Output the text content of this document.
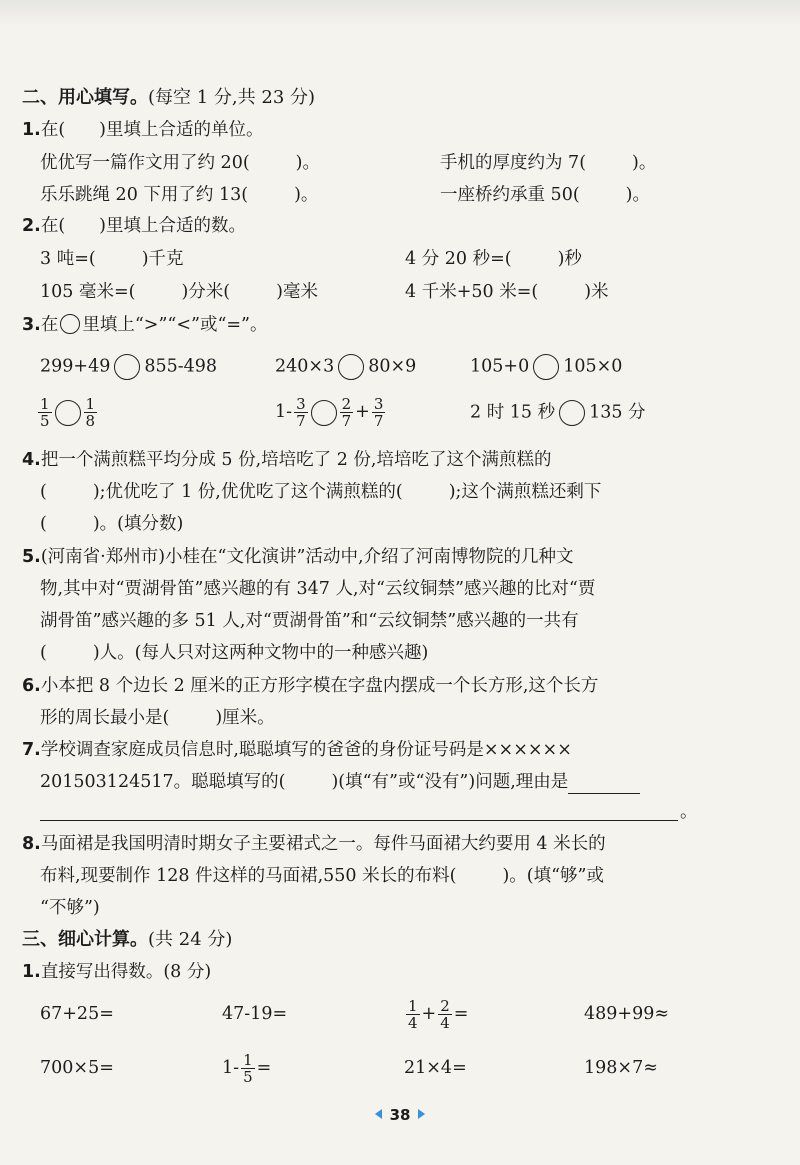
二、用心填写。(每空 1 分,共 23 分)
1.在( )里填上合适的单位。
优优写一篇作文用了约 20(	)。	手机的厚度约为 7(	)。
乐乐跳绳 20 下用了约 13(	)。	一座桥约承重 50(	)。
2.在( )里填上合适的数。
3 吨=(	)千克	4 分 20 秒=(	)秒
105 毫米=(	)分米(	)毫米	4 千米+50 米=(	)米
3.在 里填上“>”“<”或“=”。
299+49 855-498	240×3 80×9	105+0 105×0
$\frac{1}{5} \frac{1}{8}$	$1- \frac{3}{7} \frac{2}{7} + \frac{3}{7}$	2 时 15 秒 135 分
4.把一个满煎糕平均分成 5 份,培培吃了 2 份,培培吃了这个满煎糕的
(	);优优吃了 1 份,优优吃了这个满煎糕的(	);这个满煎糕还剩下
(	)。(填分数)
5.(河南省·郑州市)小桂在“文化演讲”活动中,介绍了河南博物院的几种文
物,其中对“贾湖骨笛”感兴趣的有 347 人,对“云纹铜禁”感兴趣的比对“贾
湖骨笛”感兴趣的多 51 人,对“贾湖骨笛”和“云纹铜禁”感兴趣的一共有
(	)人。(每人只对这两种文物中的一种感兴趣)
6.小本把 8 个边长 2 厘米的正方形字模在字盘内摆成一个长方形,这个长方
形的周长最小是(	)厘米。
7.学校调查家庭成员信息时,聪聪填写的爸爸的身份证号码是××××××
201503124517。聪聪填写的(	)(填“有”或“没有”)问题,理由是
。
8.马面裙是我国明清时期女子主要裙式之一。每件马面裙大约要用 4 米长的
布料,现要制作 128 件这样的马面裙,550 米长的布料(	)。(填“够”或
“不够”)
三、细心计算。(共 24 分)
1.直接写出得数。(8 分)
67+25=	47-19=	$\frac{1}{4} + \frac{2}{4}$ =	489+99≈
700×5=	$1- \frac{1}{5}$ =	21×4=	198×7≈
38
